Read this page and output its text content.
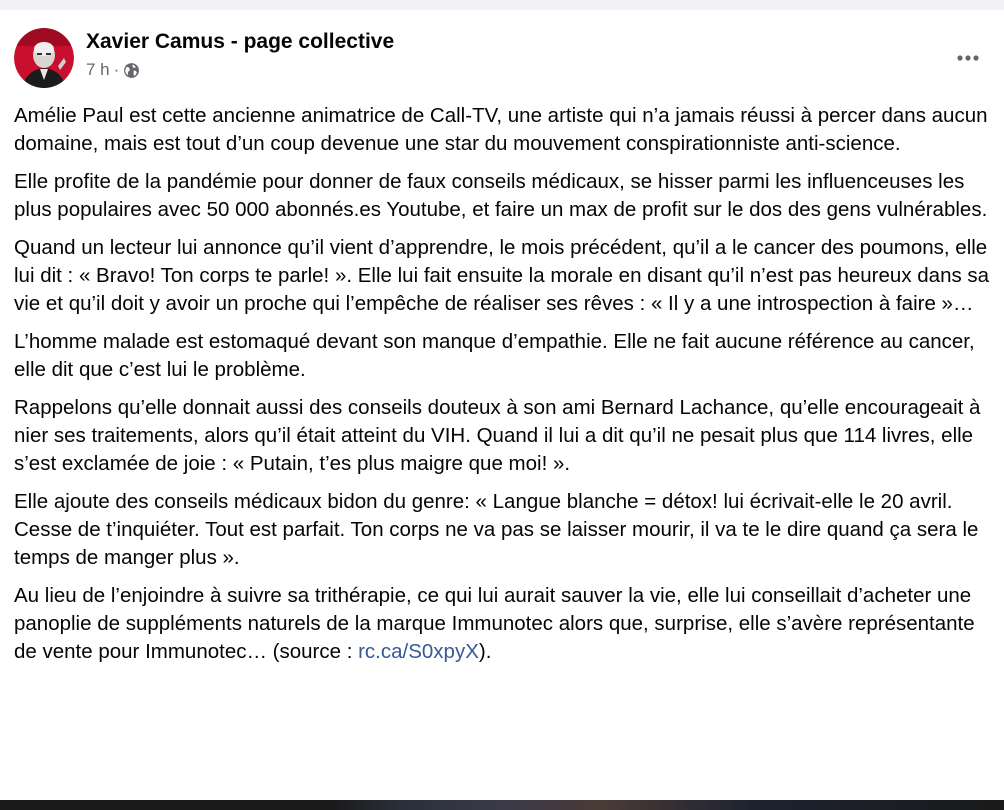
Xavier Camus - page collective
7 h ·

Amélie Paul est cette ancienne animatrice de Call-TV, une artiste qui n’a jamais réussi à percer dans aucun domaine, mais est tout d’un coup devenue une star du mouvement conspirationniste anti-science.

Elle profite de la pandémie pour donner de faux conseils médicaux, se hisser parmi les influenceuses les plus populaires avec 50 000 abonnés.es Youtube, et faire un max de profit sur le dos des gens vulnérables.

Quand un lecteur lui annonce qu’il vient d’apprendre, le mois précédent, qu’il a le cancer des poumons, elle lui dit : « Bravo! Ton corps te parle! ». Elle lui fait ensuite la morale en disant qu’il n’est pas heureux dans sa vie et qu’il doit y avoir un proche qui l’empêche de réaliser ses rêves : « Il y a une introspection à faire »…

L’homme malade est estomaqué devant son manque d’empathie. Elle ne fait aucune référence au cancer, elle dit que c’est lui le problème.

Rappelons qu’elle donnait aussi des conseils douteux à son ami Bernard Lachance, qu’elle encourageait à nier ses traitements, alors qu’il était atteint du VIH. Quand il lui a dit qu’il ne pesait plus que 114 livres, elle s’est exclamée de joie : « Putain, t’es plus maigre que moi! ».

Elle ajoute des conseils médicaux bidon du genre: « Langue blanche = détox! lui écrivait-elle le 20 avril. Cesse de t’inquiéter. Tout est parfait. Ton corps ne va pas se laisser mourir, il va te le dire quand ça sera le temps de manger plus ».

Au lieu de l’enjoindre à suivre sa trithérapie, ce qui lui aurait sauver la vie, elle lui conseillait d’acheter une panoplie de suppléments naturels de la marque Immunotec alors que, surprise, elle s’avère représentante de vente pour Immunotec… (source : rc.ca/S0xpyX).
